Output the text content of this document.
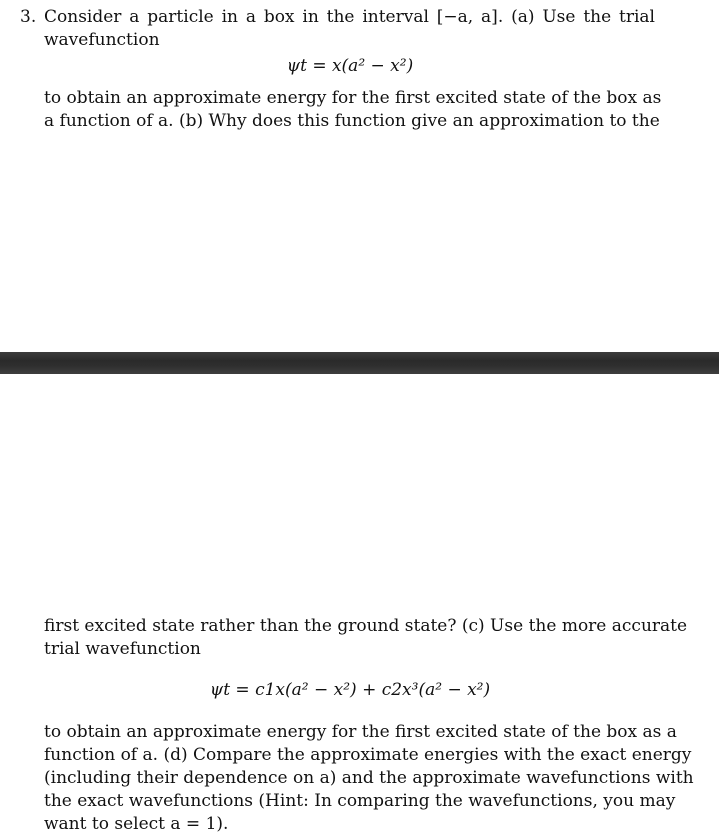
3. Consider a particle in a box in the interval [−a, a]. (a) Use the trial

wavefunction

ψt = x(a² − x²)

to obtain an approximate energy for the first excited state of the box as

a function of a. (b) Why does this function give an approximation to the

first excited state rather than the ground state? (c) Use the more accurate

trial wavefunction

ψt = c1x(a² − x²) + c2x³(a² − x²)

to obtain an approximate energy for the first excited state of the box as a

function of a. (d) Compare the approximate energies with the exact energy

(including their dependence on a) and the approximate wavefunctions with

the exact wavefunctions (Hint: In comparing the wavefunctions, you may

want to select a = 1).
